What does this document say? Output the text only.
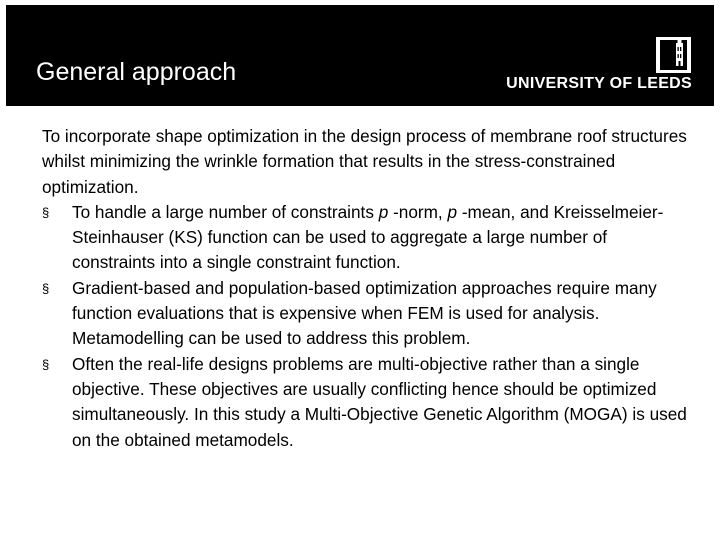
General approach	UNIVERSITY OF LEEDS

To incorporate shape optimization in the design process of membrane roof structures whilst minimizing the wrinkle formation that results in the stress-constrained optimization.

§	To handle a large number of constraints p -norm, p -mean, and Kreisselmeier-Steinhauser (KS) function can be used to aggregate a large number of constraints into a single constraint function.
§	Gradient-based and population-based optimization approaches require many function evaluations that is expensive when FEM is used for analysis. Metamodelling can be used to address this problem.
§	Often the real-life designs problems are multi-objective rather than a single objective. These objectives are usually conflicting hence should be optimized simultaneously. In this study a Multi-Objective Genetic Algorithm (MOGA) is used on the obtained metamodels.
